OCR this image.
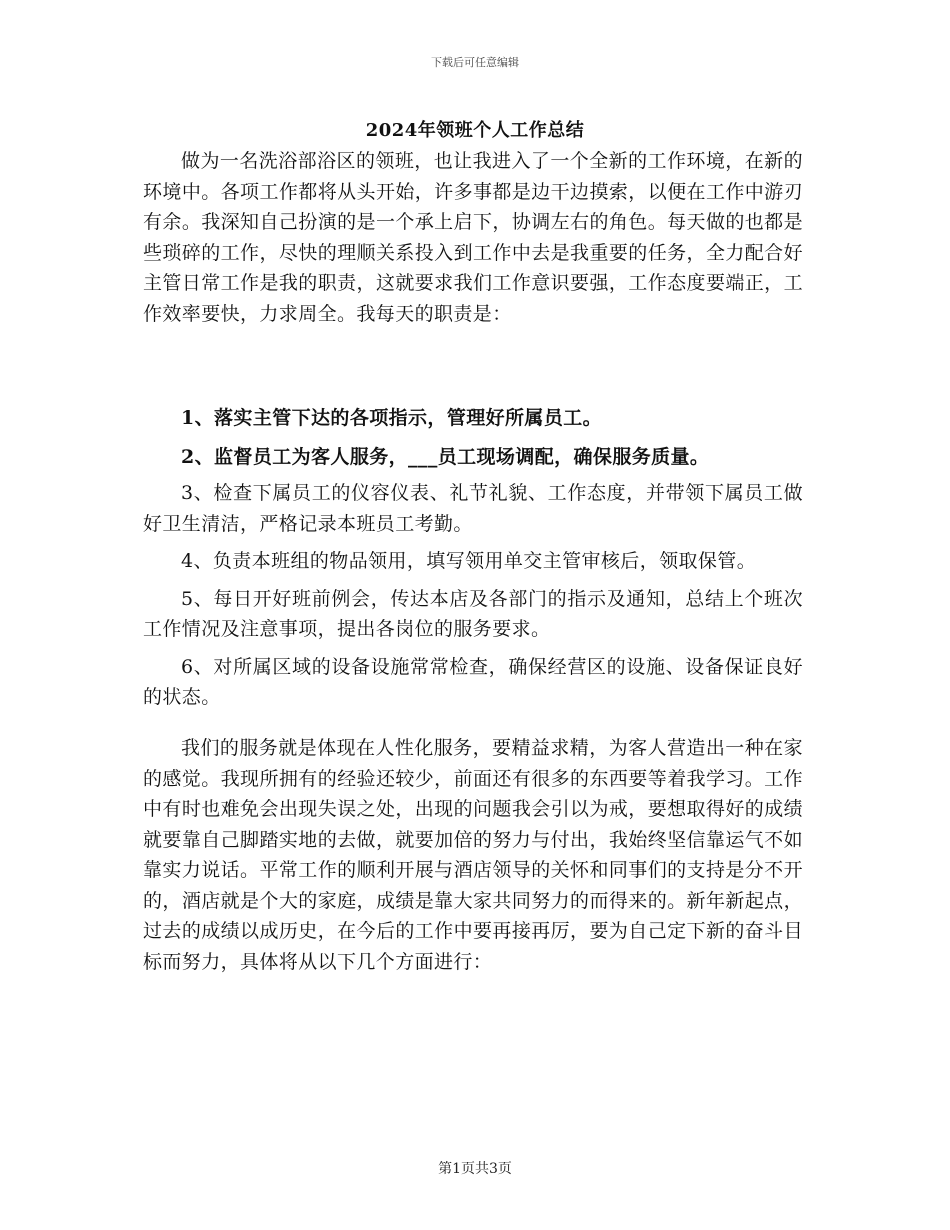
下载后可任意编辑
2024年领班个人工作总结

做为一名洗浴部浴区的领班，也让我进入了一个全新的工作环境，在新的环境中。各项工作都将从头开始，许多事都是边干边摸索，以便在工作中游刃有余。我深知自己扮演的是一个承上启下，协调左右的角色。每天做的也都是些琐碎的工作，尽快的理顺关系投入到工作中去是我重要的任务，全力配合好主管日常工作是我的职责，这就要求我们工作意识要强，工作态度要端正，工作效率要快，力求周全。我每天的职责是：

1、落实主管下达的各项指示，管理好所属员工。

2、监督员工为客人服务，___员工现场调配，确保服务质量。

3、检查下属员工的仪容仪表、礼节礼貌、工作态度，并带领下属员工做好卫生清洁，严格记录本班员工考勤。

4、负责本班组的物品领用，填写领用单交主管审核后，领取保管。

5、每日开好班前例会，传达本店及各部门的指示及通知，总结上个班次工作情况及注意事项，提出各岗位的服务要求。

6、对所属区域的设备设施常常检查，确保经营区的设施、设备保证良好的状态。

我们的服务就是体现在人性化服务，要精益求精，为客人营造出一种在家的感觉。我现所拥有的经验还较少，前面还有很多的东西要等着我学习。工作中有时也难免会出现失误之处，出现的问题我会引以为戒，要想取得好的成绩就要靠自己脚踏实地的去做，就要加倍的努力与付出，我始终坚信靠运气不如靠实力说话。平常工作的顺利开展与酒店领导的关怀和同事们的支持是分不开的，酒店就是个大的家庭，成绩是靠大家共同努力的而得来的。新年新起点，过去的成绩以成历史，在今后的工作中要再接再厉，要为自己定下新的奋斗目标而努力，具体将从以下几个方面进行：

第1页共3页
